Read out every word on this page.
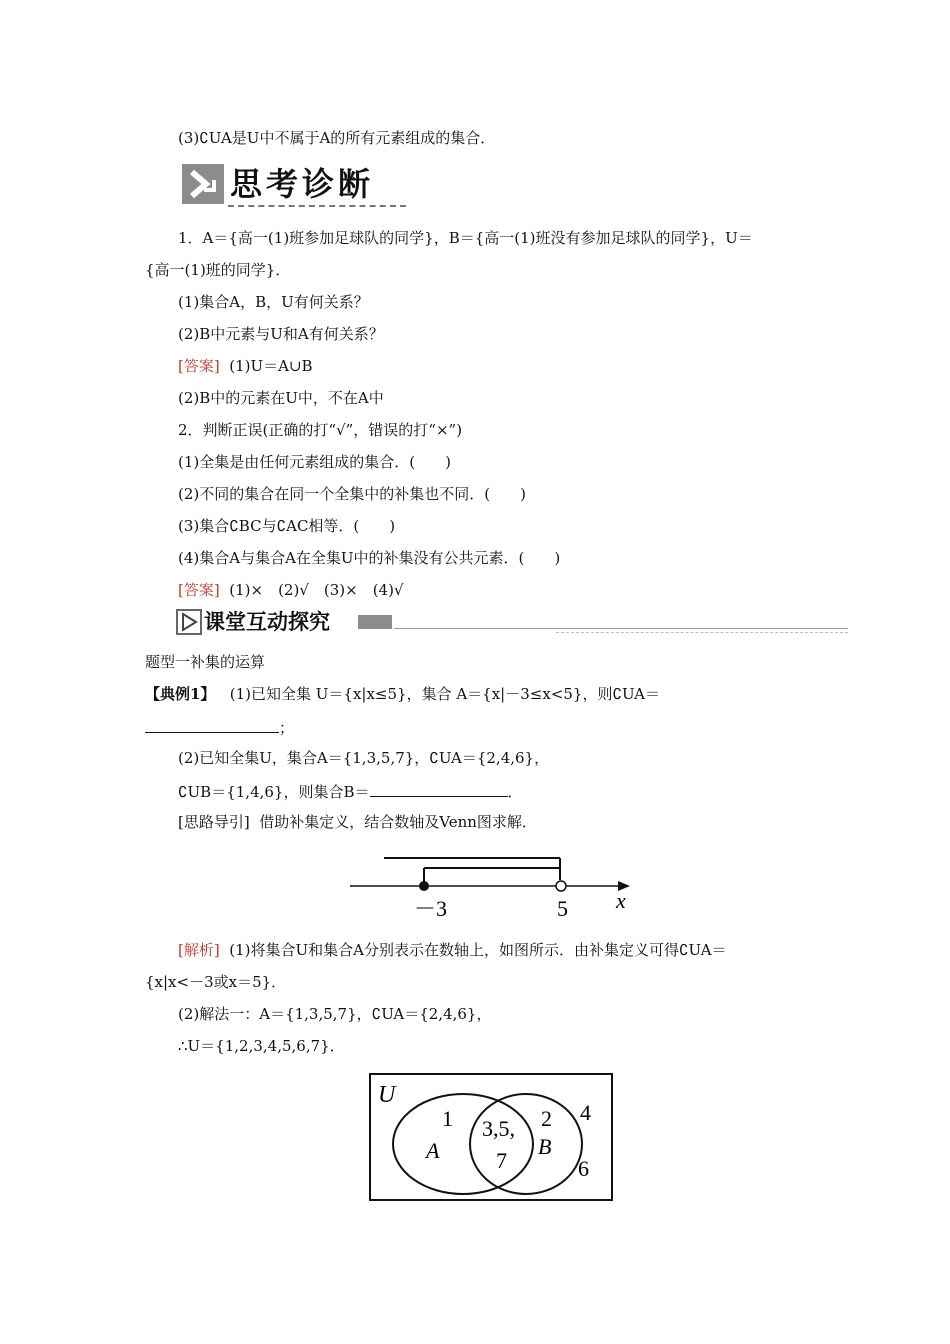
(3)∁UA是U中不属于A的所有元素组成的集合．
思考诊断
1．A＝{高一(1)班参加足球队的同学}，B＝{高一(1)班没有参加足球队的同学}，U＝
{高一(1)班的同学}．
(1)集合A，B，U有何关系？
(2)B中元素与U和A有何关系？
[答案] (1)U＝A∪B
(2)B中的元素在U中，不在A中
2．判断正误(正确的打“√”，错误的打“×”)
(1)全集是由任何元素组成的集合．(　　)
(2)不同的集合在同一个全集中的补集也不同．(　　)
(3)集合∁BC与∁AC相等．(　　)
(4)集合A与集合A在全集U中的补集没有公共元素．(　　)
[答案] (1)×　(2)√　(3)×　(4)√
课堂互动探究
题型一补集的运算
【典例1】 (1)已知全集 U＝{x|x≤5}，集合 A＝{x|－3≤x<5}，则∁UA＝
；
(2)已知全集U，集合A＝{1,3,5,7}，∁UA＝{2,4,6}，
∁UB＝{1,4,6}，则集合B＝	．
[思路导引] 借助补集定义，结合数轴及Venn图求解．
－3	5 x
[解析] (1)将集合U和集合A分别表示在数轴上，如图所示．由补集定义可得∁UA＝
{x|x<－3或x＝5}．
(2)解法一：A＝{1,3,5,7}，∁UA＝{2,4,6}，
∴U＝{1,2,3,4,5,6,7}．
U
1
A
3,5,
7
2
B
4
6
